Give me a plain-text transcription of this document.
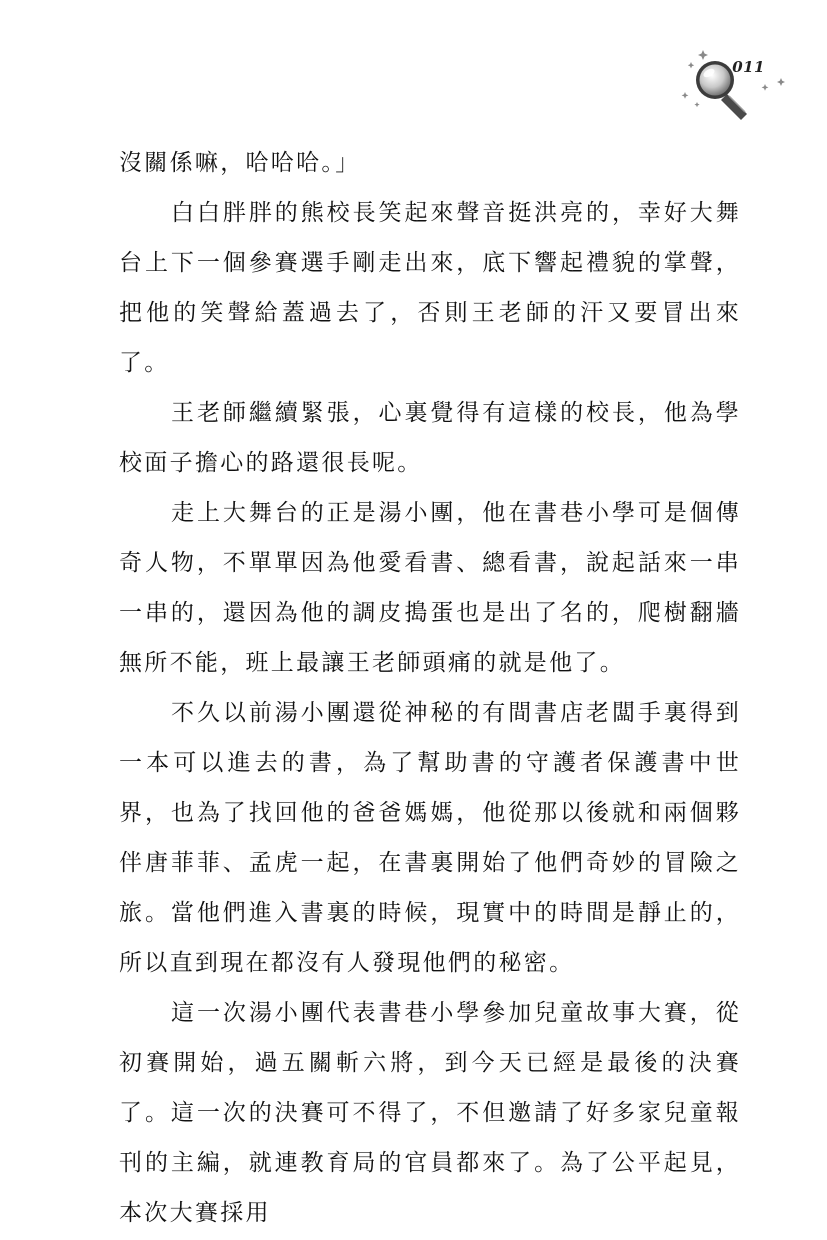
011

沒關係嘛，哈哈哈。」

白白胖胖的熊校長笑起來聲音挺洪亮的，幸好大舞台上下一個參賽選手剛走出來，底下響起禮貌的掌聲，把他的笑聲給蓋過去了，否則王老師的汗又要冒出來了。

王老師繼續緊張，心裏覺得有這樣的校長，他為學校面子擔心的路還很長呢。

走上大舞台的正是湯小團，他在書巷小學可是個傳奇人物，不單單因為他愛看書、總看書，說起話來一串一串的，還因為他的調皮搗蛋也是出了名的，爬樹翻牆無所不能，班上最讓王老師頭痛的就是他了。

不久以前湯小團還從神秘的有間書店老闆手裏得到一本可以進去的書，為了幫助書的守護者保護書中世界，也為了找回他的爸爸媽媽，他從那以後就和兩個夥伴唐菲菲、孟虎一起，在書裏開始了他們奇妙的冒險之旅。當他們進入書裏的時候，現實中的時間是靜止的，所以直到現在都沒有人發現他們的秘密。

這一次湯小團代表書巷小學參加兒童故事大賽，從初賽開始，過五關斬六將，到今天已經是最後的決賽了。這一次的決賽可不得了，不但邀請了好多家兒童報刊的主編，就連教育局的官員都來了。為了公平起見，本次大賽採用
